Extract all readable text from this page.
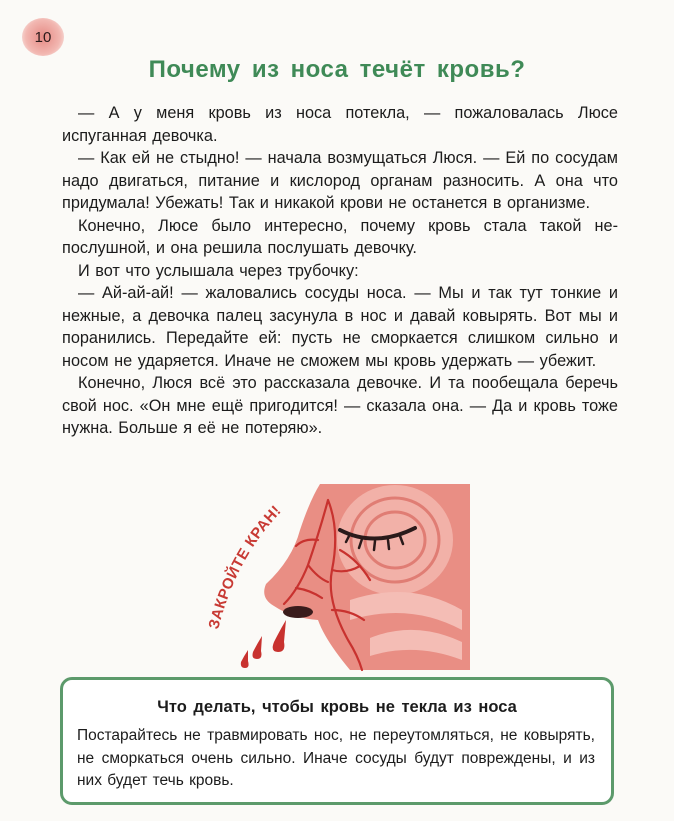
10
Почему из носа течёт кровь?

— А у меня кровь из носа потекла, — пожаловалась Люсе испуганная девочка.

— Как ей не стыдно! — начала возмущаться Люся. — Ей по сосудам надо двигаться, питание и кислород органам разносить. А она что придумала! Убежать! Так и никакой крови не останется в организме.

Конечно, Люсе было интересно, почему кровь стала такой непослушной, и она решила послушать девочку.

И вот что услышала через трубочку:

— Ай-ай-ай! — жаловались сосуды носа. — Мы и так тут тонкие и нежные, а девочка палец засунула в нос и давай ковырять. Вот мы и поранились. Передайте ей: пусть не сморкается слишком сильно и носом не ударяется. Иначе не сможем мы кровь удержать — убежит.

Конечно, Люся всё это рассказала девочке. И та пообещала беречь свой нос. «Он мне ещё пригодится! — сказала она. — Да и кровь тоже нужна. Больше я её не потеряю».

ЗАКРОЙТЕ КРАН!
Что делать, чтобы кровь не текла из носа
Постарайтесь не травмировать нос, не переутомляться, не ковырять, не сморкаться очень сильно. Иначе сосуды будут повреждены, и из них будет течь кровь.
